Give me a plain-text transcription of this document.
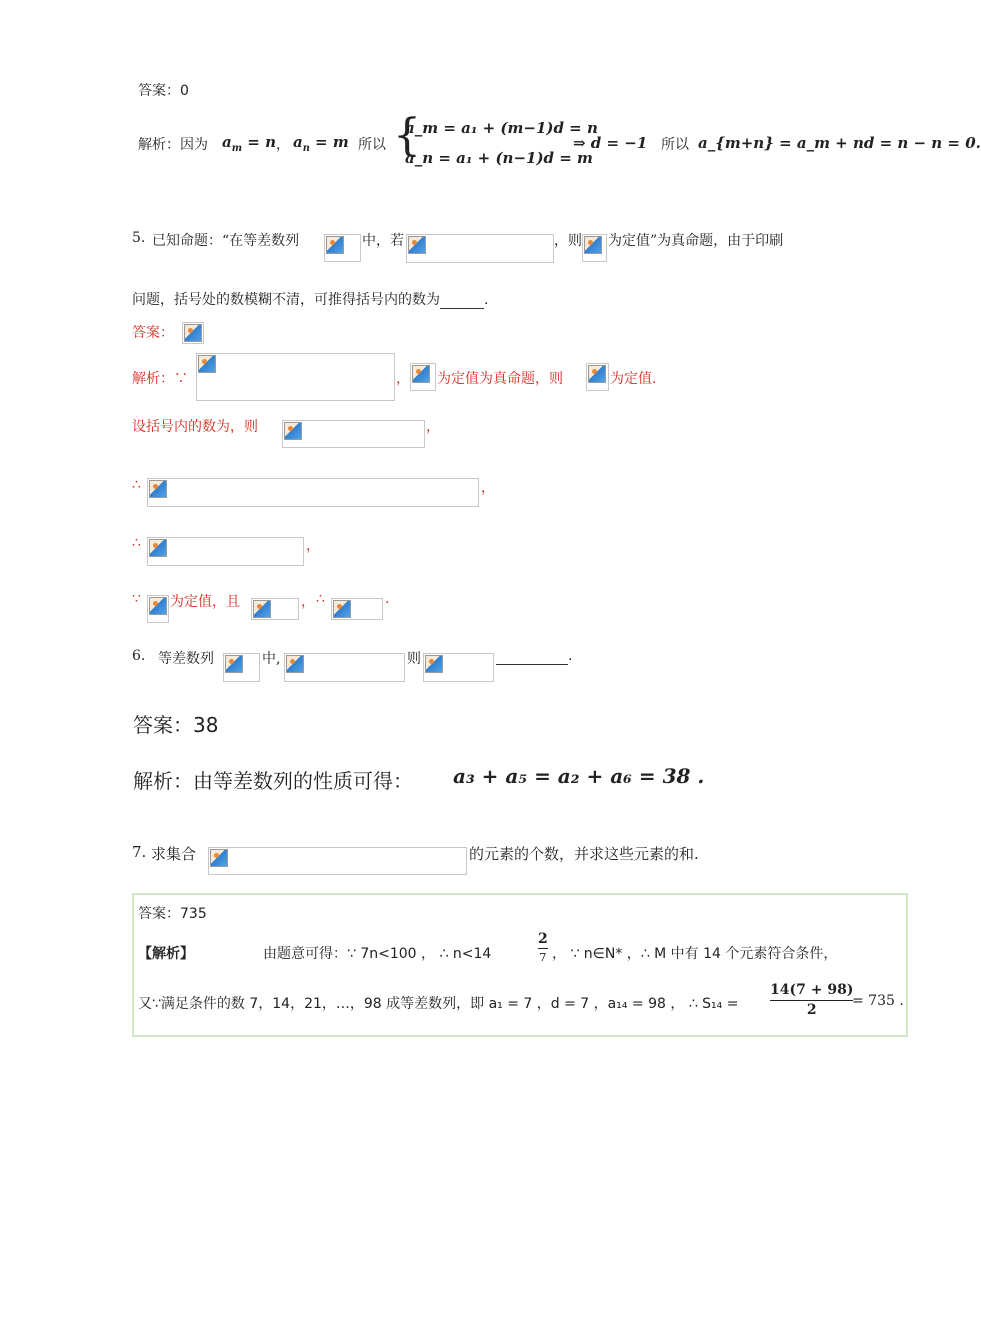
答案：0
解析：因为 $a_m = n$ ， $a_n = m$ 所以 {
a_m = a₁ + (m−1)d = n
a_n = a₁ + (n−1)d = m
⇒ d = −1 所以 a_{m+n} = a_m + nd = n − n = 0.
5. 已知命题：“在等差数列	中，若	，则 为定值”为真命题，由于印刷
问题，括号处的数模糊不清，可推得括号内的数为	.
答案：
解析：∵	， 为定值为真命题，则	为定值.
设括号内的数为，则	，
∴	，
∴	，
∵ 为定值，且	， ∴	.
6. 等差数列	中,	则	.
答案：38
解析：由等差数列的性质可得： a₃ + a₅ = a₂ + a₆ = 38 .
7. 求集合	的元素的个数，并求这些元素的和.
答案：735
【解析】	由题意可得：∵ 7n<100 ， ∴ n<14
2
7 ， ∵ n∈N* ，∴ M 中有 14 个元素符合条件，
又∵满足条件的数 7，14，21，…，98 成等差数列，即 a₁ = 7 ，d = 7 ，a₁₄ = 98 ， ∴ $S_{14} = \frac{14(7 + 98)}{2}$
= 735 .
